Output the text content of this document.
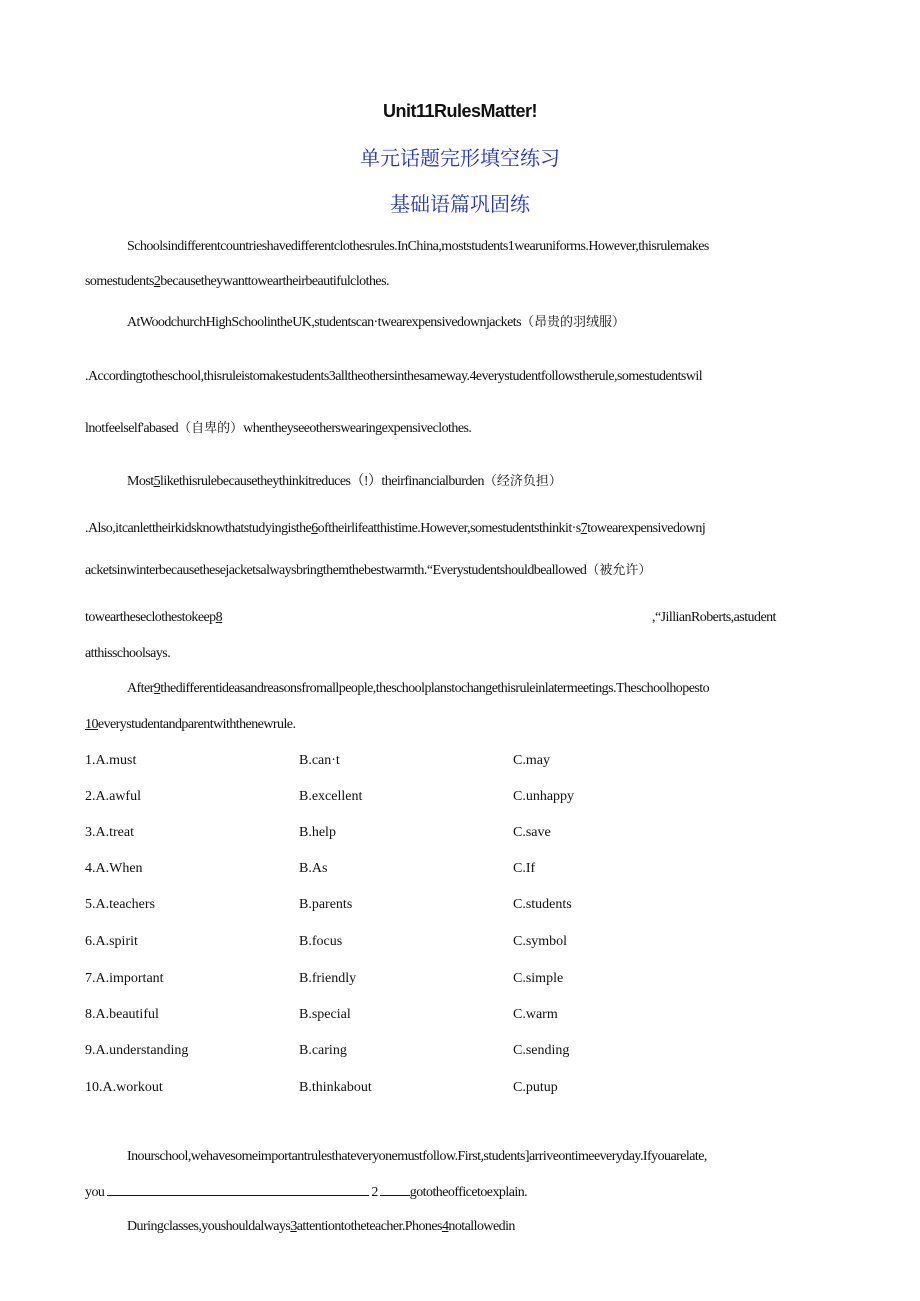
Unit11RulesMatter!
单元话题完形填空练习
基础语篇巩固练
Schoolsindifferentcountrieshavedifferentclothesrules.InChina,moststudents1wearuniforms.However,thisrulemakes
somestudents2becausetheywanttoweartheirbeautifulclothes.
AtWoodchurchHighSchoolintheUK,studentscan·twearexpensivedownjackets（昂贵的羽绒服）
.Accordingtotheschool,thisruleistomakestudents3alltheothersinthesameway.4everystudentfollowstherule,somestudentswil
lnotfeelself'abased（自卑的）whentheyseeotherswearingexpensiveclothes.
Most5likethisrulebecausetheythinkitreduces（!）theirfinancialburden（经济负担）
.Also,itcanlettheirkidsknowthatstudyingisthe6oftheirlifeatthistime.However,somestudentsthinkit·s7towearexpensivedownj
acketsinwinterbecausethesejacketsalwaysbringthemthebestwarmth.“Everystudentshouldbeallowed（被允许）
toweartheseclothestokeep8	,“JillianRoberts,astudent
atthisschoolsays.
After9thedifferentideasandreasonsfromallpeople,theschoolplanstochangethisruleinlatermeetings.Theschoolhopesto
10everystudentandparentwiththenewrule.
1.A.must	B.can·t	C.may
2.A.awful	B.excellent	C.unhappy
3.A.treat	B.help	C.save
4.A.When	B.As	C.If
5.A.teachers	B.parents	C.students
6.A.spirit	B.focus	C.symbol
7.A.important	B.friendly	C.simple
8.A.beautiful	B.special	C.warm
9.A.understanding	B.caring	C.sending
10.A.workout	B.thinkabout	C.putup
Inourschool,wehavesomeimportantrulesthateveryonemustfollow.First,students]arriveontimeeveryday.Ifyouarelate,
you	2 gototheofficetoexplain.
Duringclasses,youshouldalways3attentiontotheteacher.Phones4notallowedin
